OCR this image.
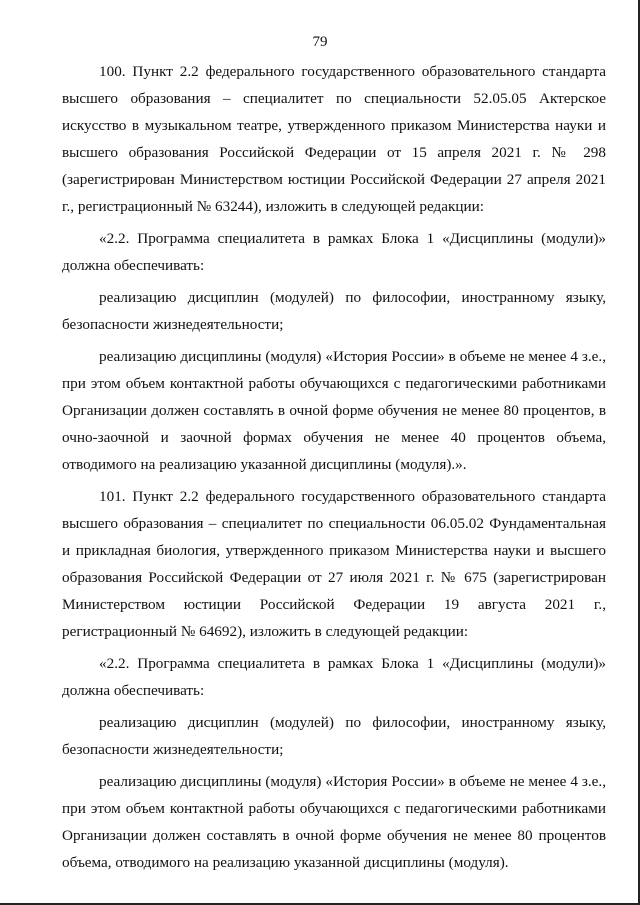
79

100. Пункт 2.2 федерального государственного образовательного стандарта высшего образования – специалитет по специальности 52.05.05 Актерское искусство в музыкальном театре, утвержденного приказом Министерства науки и высшего образования Российской Федерации от 15 апреля 2021 г. № 298 (зарегистрирован Министерством юстиции Российской Федерации 27 апреля 2021 г., регистрационный № 63244), изложить в следующей редакции:

«2.2. Программа специалитета в рамках Блока 1 «Дисциплины (модули)» должна обеспечивать:

реализацию дисциплин (модулей) по философии, иностранному языку, безопасности жизнедеятельности;

реализацию дисциплины (модуля) «История России» в объеме не менее 4 з.е., при этом объем контактной работы обучающихся с педагогическими работниками Организации должен составлять в очной форме обучения не менее 80 процентов, в очно-заочной и заочной формах обучения не менее 40 процентов объема, отводимого на реализацию указанной дисциплины (модуля).».

101. Пункт 2.2 федерального государственного образовательного стандарта высшего образования – специалитет по специальности 06.05.02 Фундаментальная и прикладная биология, утвержденного приказом Министерства науки и высшего образования Российской Федерации от 27 июля 2021 г. № 675 (зарегистрирован Министерством юстиции Российской Федерации 19 августа 2021 г., регистрационный № 64692), изложить в следующей редакции:

«2.2. Программа специалитета в рамках Блока 1 «Дисциплины (модули)» должна обеспечивать:

реализацию дисциплин (модулей) по философии, иностранному языку, безопасности жизнедеятельности;

реализацию дисциплины (модуля) «История России» в объеме не менее 4 з.е., при этом объем контактной работы обучающихся с педагогическими работниками Организации должен составлять в очной форме обучения не менее 80 процентов объема, отводимого на реализацию указанной дисциплины (модуля).
